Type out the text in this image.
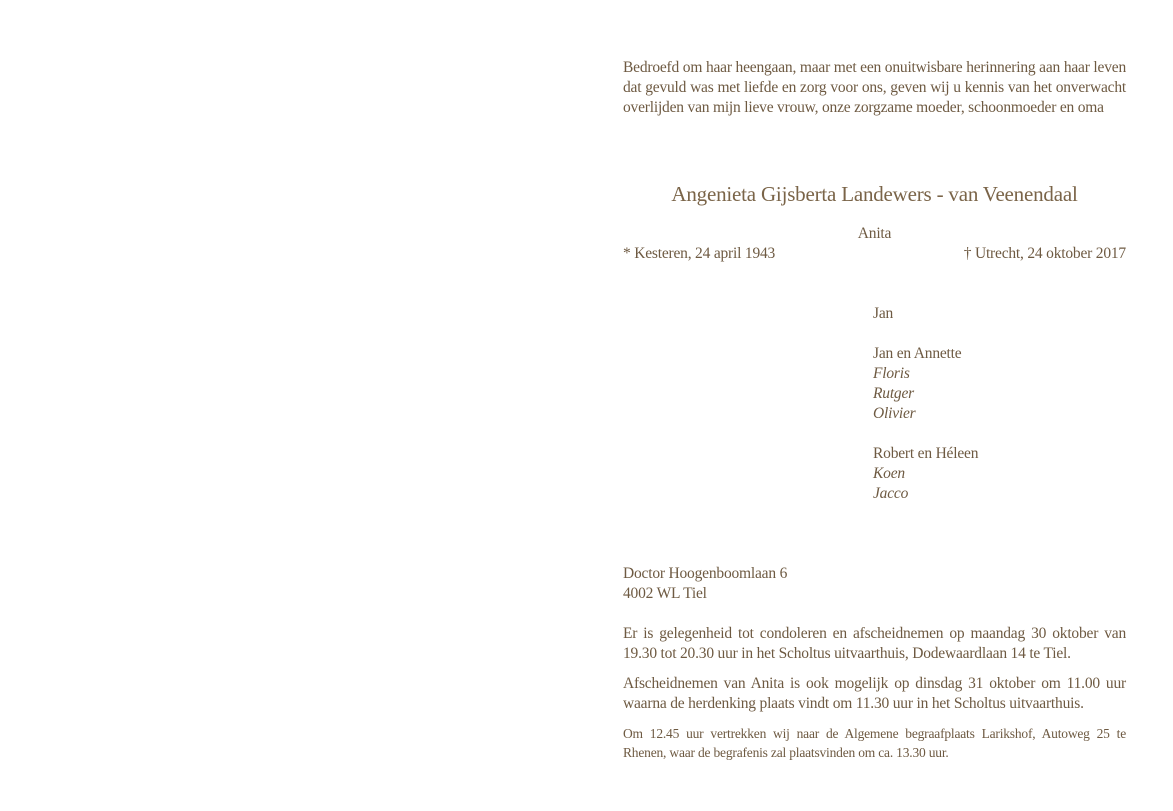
Bedroefd om haar heengaan, maar met een onuitwisbare herinnering aan haar leven dat gevuld was met liefde en zorg voor ons, geven wij u kennis van het onverwacht overlijden van mijn lieve vrouw, onze zorgzame moeder, schoonmoeder en oma

Angenieta Gijsberta Landewers - van Veenendaal
Anita
* Kesteren, 24 april 1943	† Utrecht, 24 oktober 2017
Jan
Jan en Annette
Floris
Rutger
Olivier
Robert en Héleen
Koen
Jacco
Doctor Hoogenboomlaan 6
4002 WL Tiel

Er is gelegenheid tot condoleren en afscheidnemen op maandag 30 oktober van 19.30 tot 20.30 uur in het Scholtus uitvaarthuis, Dodewaardlaan 14 te Tiel.

Afscheidnemen van Anita is ook mogelijk op dinsdag 31 oktober om 11.00 uur waarna de herdenking plaats vindt om 11.30 uur in het Scholtus uitvaarthuis.

Om 12.45 uur vertrekken wij naar de Algemene begraafplaats Larikshof, Autoweg 25 te Rhenen, waar de begrafenis zal plaatsvinden om ca. 13.30 uur.
